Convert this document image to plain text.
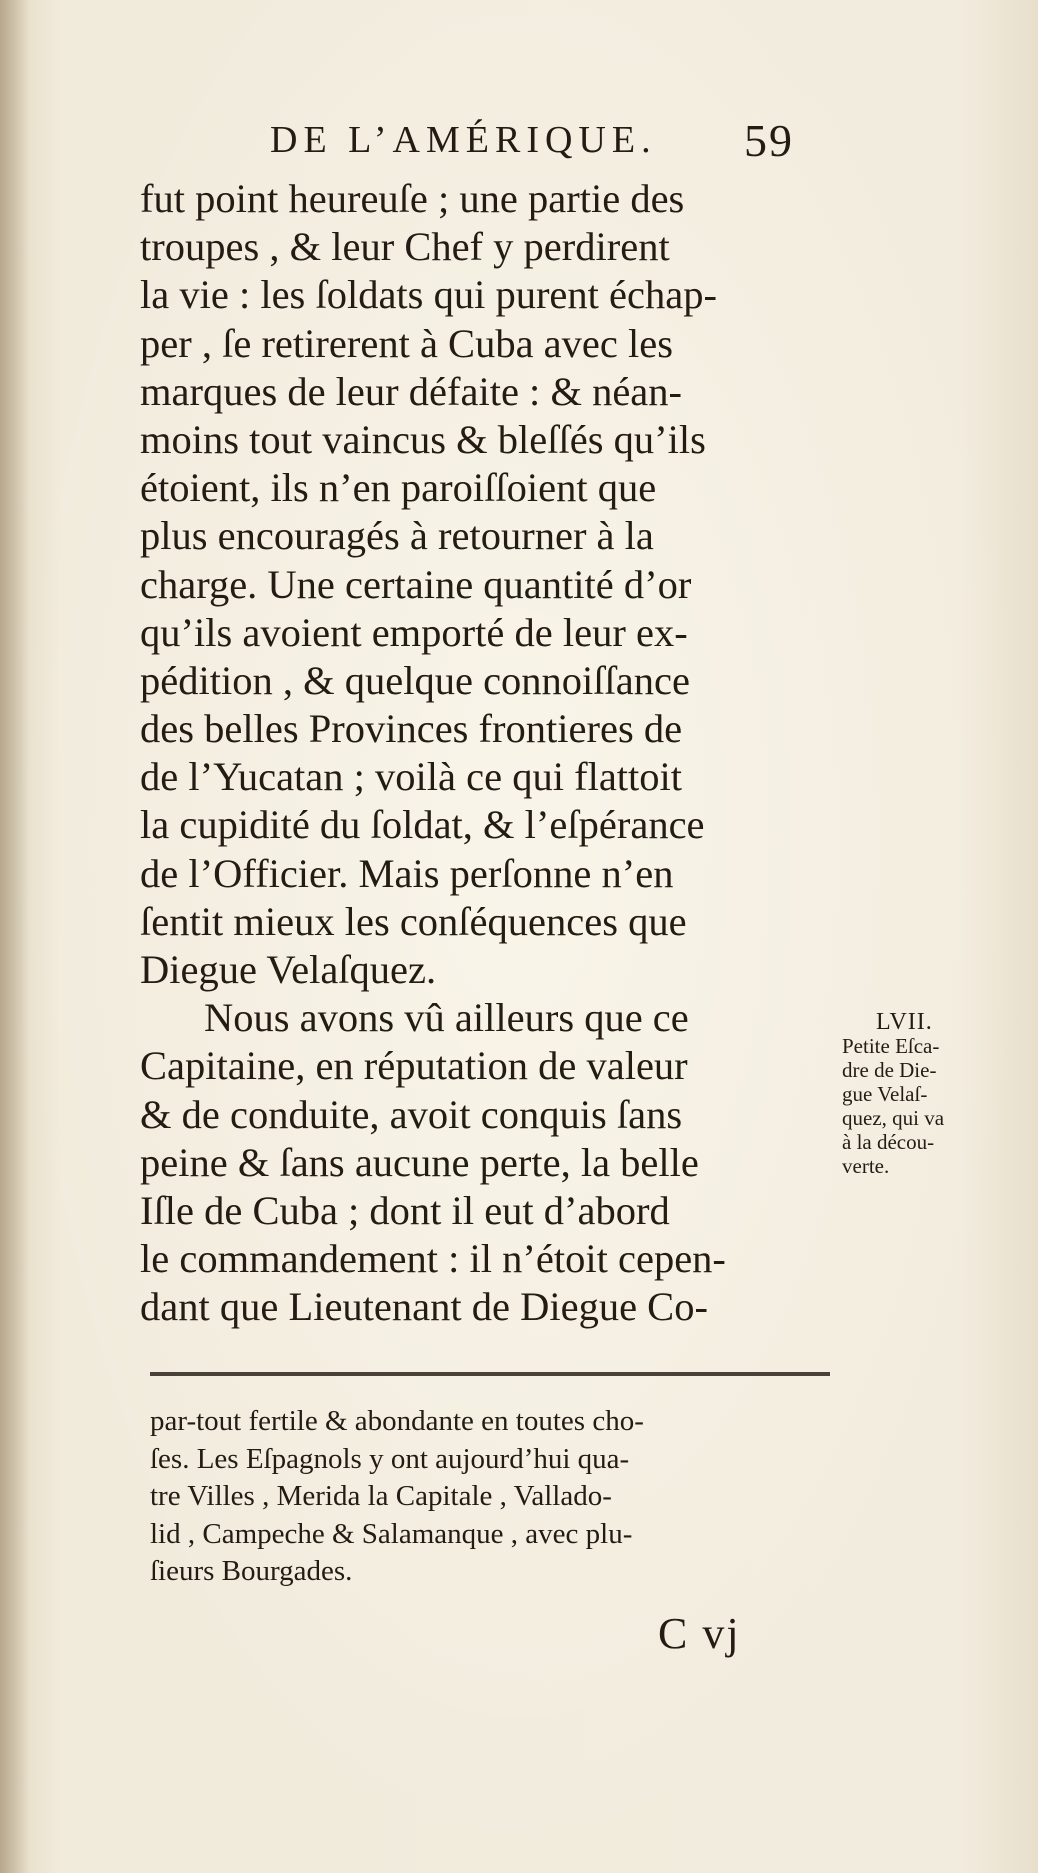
DE L’AMÉRIQUE. 59
fut point heureuſe ; une partie des
troupes , & leur Chef y perdirent
la vie : les ſoldats qui purent échap-
per , ſe retirerent à Cuba avec les
marques de leur défaite : & néan-
moins tout vaincus & bleſſés qu’ils
étoient, ils n’en paroiſſoient que
plus encouragés à retourner à la
charge. Une certaine quantité d’or
qu’ils avoient emporté de leur ex-
pédition , & quelque connoiſſance
des belles Provinces frontieres de
de l’Yucatan ; voilà ce qui flattoit
la cupidité du ſoldat, & l’eſpérance
de l’Officier. Mais perſonne n’en
ſentit mieux les conſéquences que
Diegue Velaſquez.
Nous avons vû ailleurs que ce
Capitaine, en réputation de valeur
& de conduite, avoit conquis ſans
peine & ſans aucune perte, la belle
Iſle de Cuba ; dont il eut d’abord
le commandement : il n’étoit cepen-
dant que Lieutenant de Diegue Co-
LVII.
Petite Eſca-
dre de Die-
gue Velaſ-
quez, qui va
à la décou-
verte.
par-tout fertile & abondante en toutes cho-
ſes. Les Eſpagnols y ont aujourd’hui qua-
tre Villes , Merida la Capitale , Vallado-
lid , Campeche & Salamanque , avec plu-
ſieurs Bourgades.
C vj
